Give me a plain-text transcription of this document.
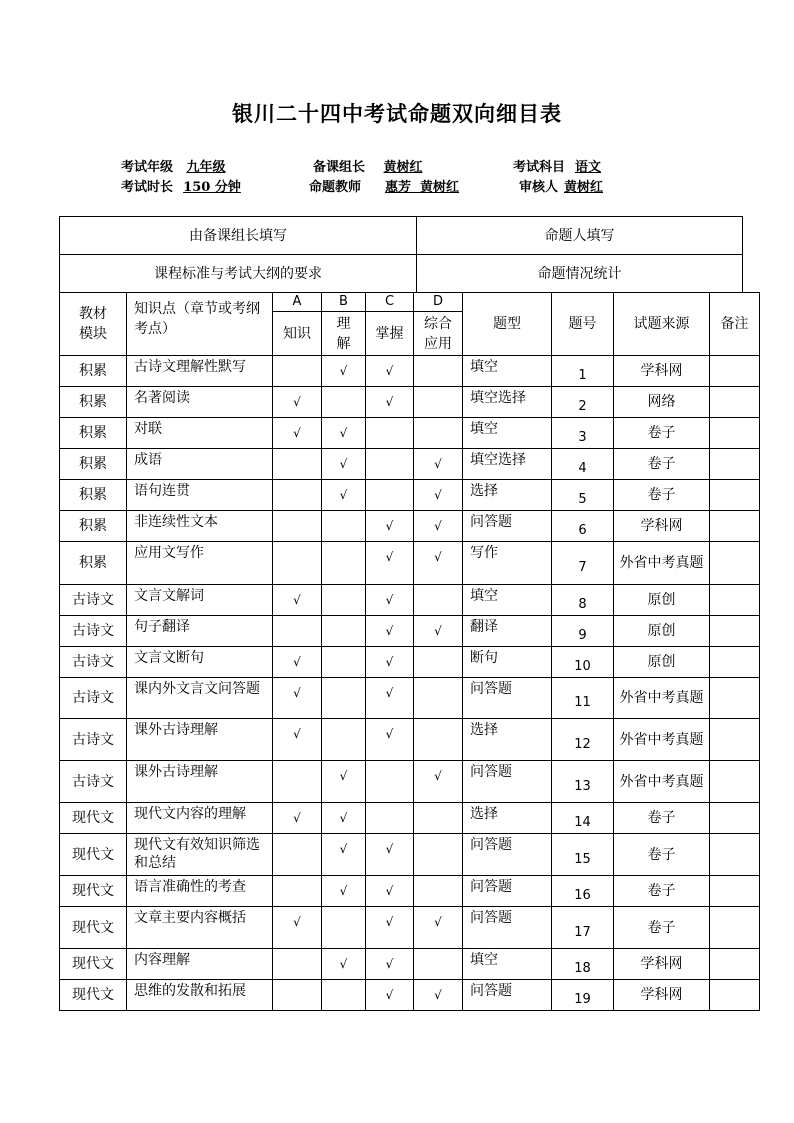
银川二十四中考试命题双向细目表
考试年级 九年级	备课组长 黄树红	考试科目 语文
考试时长 150 分钟	命题教师 惠芳  黄树红	审核人 黄树红
由备课组长填写	命题人填写
课程标准与考试大纲的要求	命题情况统计
教材模块	知识点（章节或考纲考点）	A	B	C	D	题型	题号	试题来源	备注
		知识	理解	掌握	综合应用				

积累	古诗文理解性默写		√	√		填空	1	学科网	
积累	名著阅读	√		√		填空选择	2	网络	
积累	对联	√	√			填空	3	卷子	
积累	成语		√		√	填空选择	4	卷子	
积累	语句连贯		√		√	选择	5	卷子	
积累	非连续性文本			√	√	问答题	6	学科网	
积累	应用文写作			√	√	写作	7	外省中考真题	
古诗文	文言文解词	√		√		填空	8	原创	
古诗文	句子翻译			√	√	翻译	9	原创	
古诗文	文言文断句	√		√		断句	10	原创	
古诗文	课内外文言文问答题	√		√		问答题	11	外省中考真题	
古诗文	课外古诗理解	√		√		选择	12	外省中考真题	
古诗文	课外古诗理解		√		√	问答题	13	外省中考真题	
现代文	现代文内容的理解	√	√			选择	14	卷子	
现代文	现代文有效知识筛选和总结		√	√		问答题	15	卷子	
现代文	语言准确性的考查		√	√		问答题	16	卷子	
现代文	文章主要内容概括	√		√	√	问答题	17	卷子	
现代文	内容理解		√	√		填空	18	学科网	
现代文	思维的发散和拓展			√	√	问答题	19	学科网	
